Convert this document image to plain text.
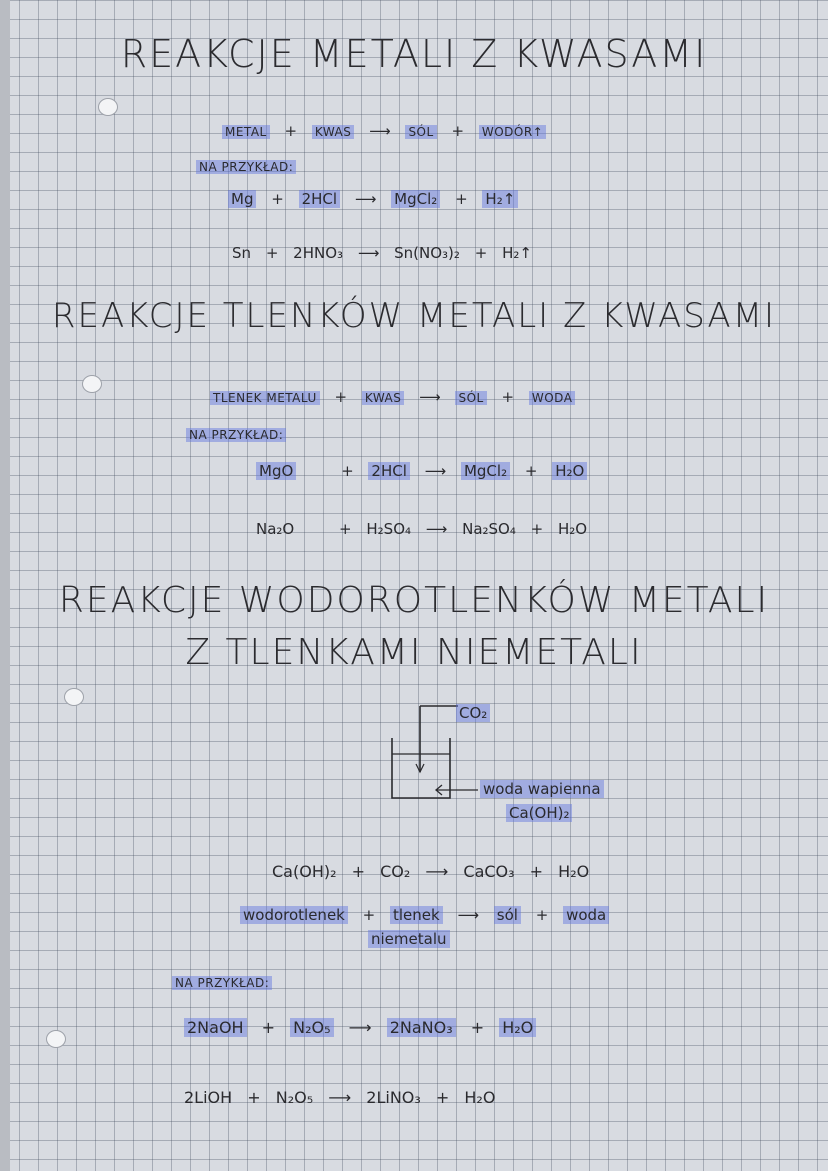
REAKCJE METALI Z KWASAMI
METAL + KWAS ⟶ SÓL + WODÓR↑
NA PRZYKŁAD:
Mg + 2HCl ⟶ MgCl₂ + H₂↑
Sn + 2HNO₃ ⟶ Sn(NO₃)₂ + H₂↑
REAKCJE TLENKÓW METALI Z KWASAMI
TLENEK METALU + KWAS ⟶ SÓL + WODA
NA PRZYKŁAD:
MgO	+ 2HCl ⟶ MgCl₂ + H₂O
Na₂O	+ H₂SO₄ ⟶ Na₂SO₄ + H₂O
REAKCJE WODOROTLENKÓW METALI
Z TLENKAMI NIEMETALI
CO₂
woda wapienna
Ca(OH)₂
Ca(OH)₂ + CO₂ ⟶ CaCO₃ + H₂O
wodorotlenek + tlenek ⟶ sól + woda
niemetalu
NA PRZYKŁAD:
2NaOH + N₂O₅ ⟶ 2NaNO₃ + H₂O
2LiOH + N₂O₅ ⟶ 2LiNO₃ + H₂O
